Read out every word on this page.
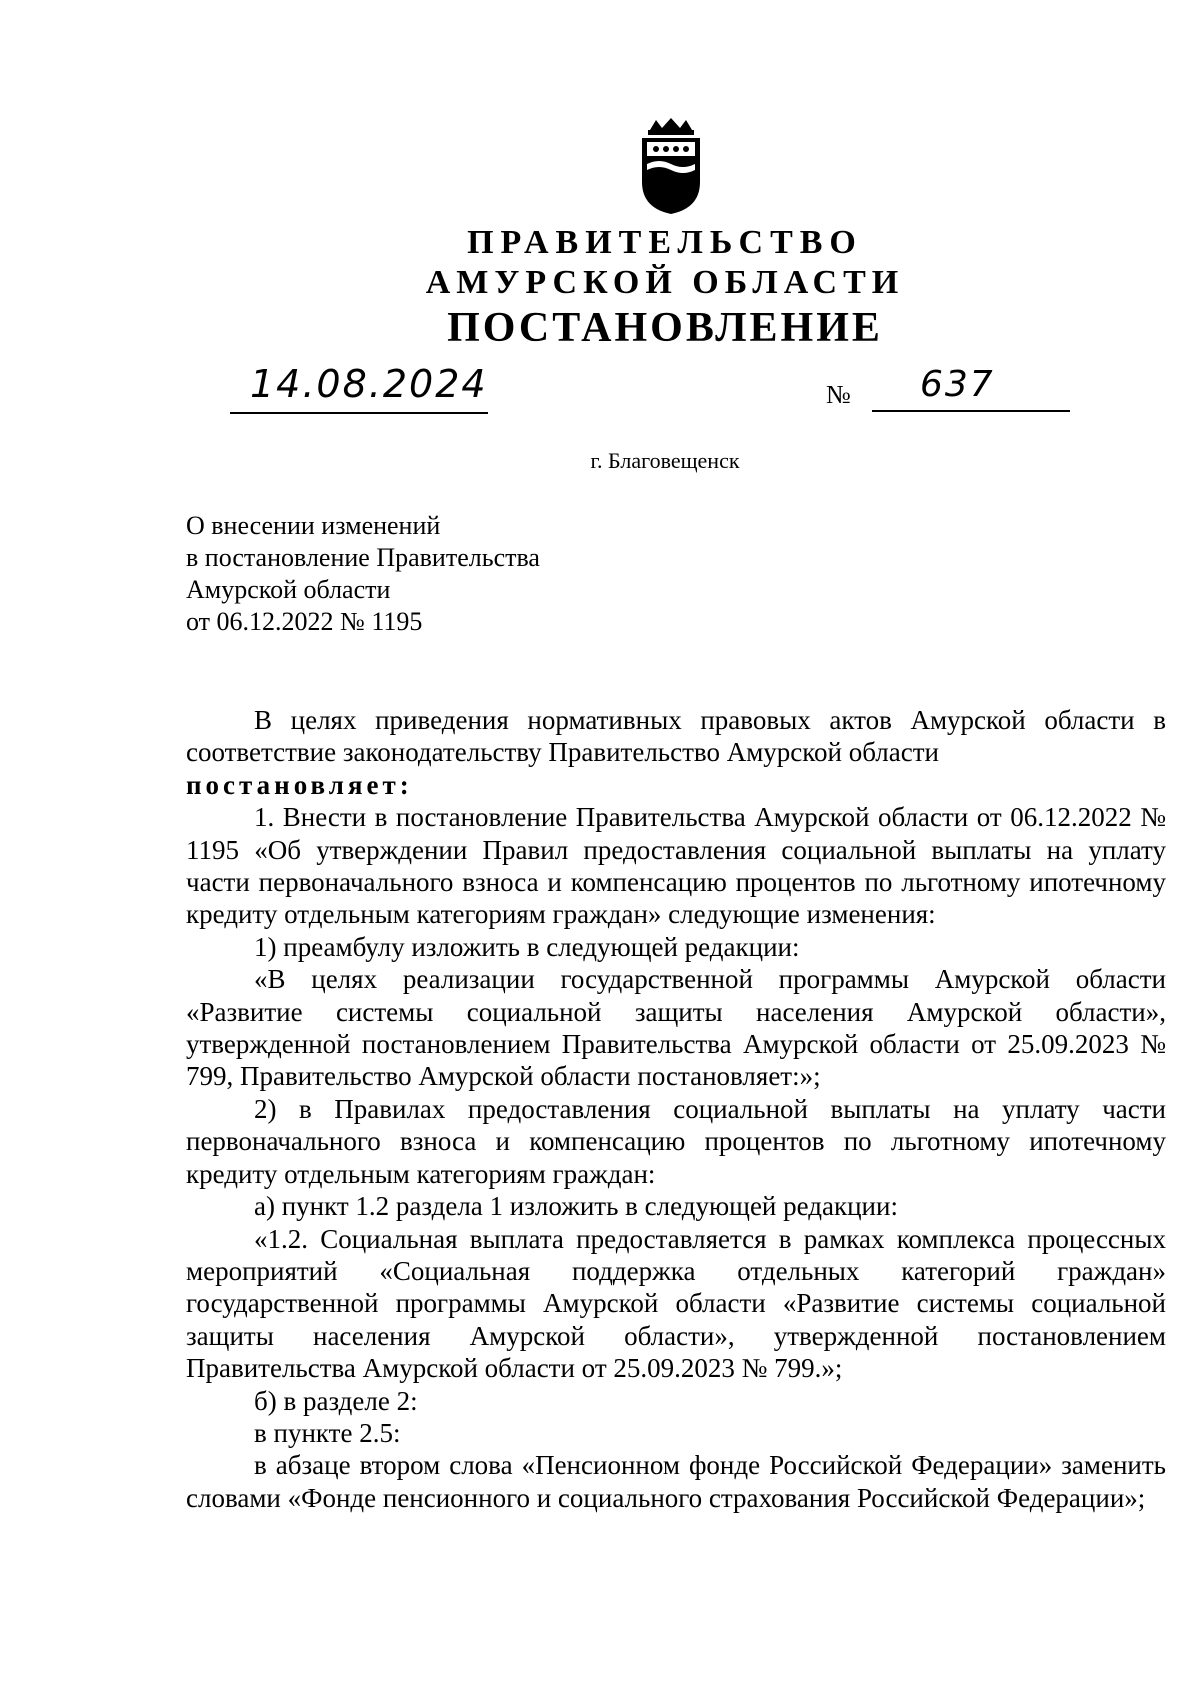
ПРАВИТЕЛЬСТВО
АМУРСКОЙ ОБЛАСТИ
ПОСТАНОВЛЕНИЕ
14.08.2024	№ 637
г. Благовещенск
О внесении изменений
в постановление Правительства
Амурской области
от 06.12.2022 № 1195

В целях приведения нормативных правовых актов Амурской области в соответствие законодательству Правительство Амурской области

постановляет:

1. Внести в постановление Правительства Амурской области от 06.12.2022 № 1195 «Об утверждении Правил предоставления социальной выплаты на уплату части первоначального взноса и компенсацию процентов по льготному ипотечному кредиту отдельным категориям граждан» следующие изменения:

1) преамбулу изложить в следующей редакции:

«В целях реализации государственной программы Амурской области «Развитие системы социальной защиты населения Амурской области», утвержденной постановлением Правительства Амурской области от 25.09.2023 № 799, Правительство Амурской области постановляет:»;

2) в Правилах предоставления социальной выплаты на уплату части первоначального взноса и компенсацию процентов по льготному ипотечному кредиту отдельным категориям граждан:

а) пункт 1.2 раздела 1 изложить в следующей редакции:

«1.2. Социальная выплата предоставляется в рамках комплекса процессных мероприятий «Социальная поддержка отдельных категорий граждан» государственной программы Амурской области «Развитие системы социальной защиты населения Амурской области», утвержденной постановлением Правительства Амурской области от 25.09.2023 № 799.»;

б) в разделе 2:

в пункте 2.5:

в абзаце втором слова «Пенсионном фонде Российской Федерации» заменить словами «Фонде пенсионного и социального страхования Российской Федерации»;
